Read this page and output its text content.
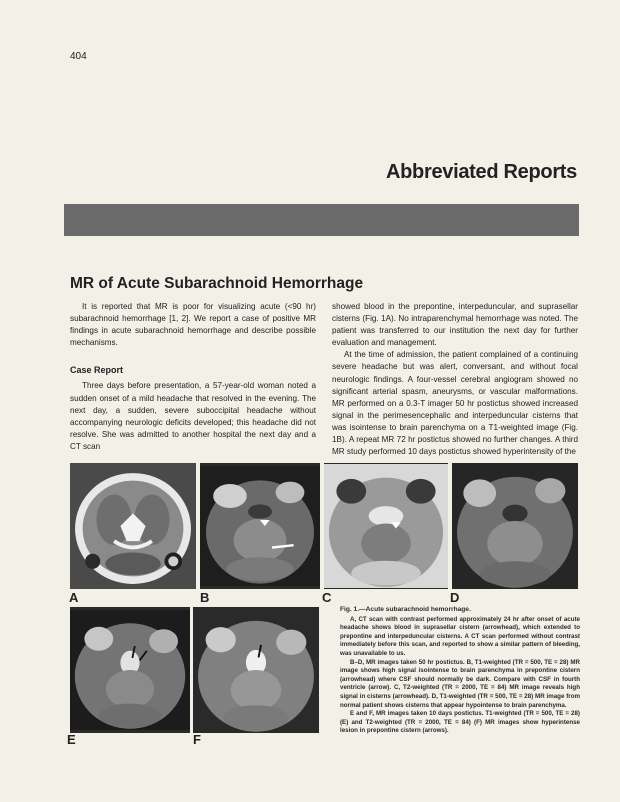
404
Abbreviated Reports
MR of Acute Subarachnoid Hemorrhage

It is reported that MR is poor for visualizing acute (<90 hr) subarachnoid hemorrhage [1, 2]. We report a case of positive MR findings in acute subarachnoid hemorrhage and describe possible mechanisms.

Case Report

Three days before presentation, a 57-year-old woman noted a sudden onset of a mild headache that resolved in the evening. The next day, a sudden, severe suboccipital headache without accompanying neurologic deficits developed; this headache did not resolve. She was admitted to another hospital the next day and a CT scan

showed blood in the prepontine, interpeduncular, and suprasellar cisterns (Fig. 1A). No intraparenchymal hemorrhage was noted. The patient was transferred to our institution the next day for further evaluation and management.

At the time of admission, the patient complained of a continuing severe headache but was alert, conversant, and without focal neurologic findings. A four-vessel cerebral angiogram showed no significant arterial spasm, aneurysms, or vascular malformations. MR performed on a 0.3-T imager 50 hr postictus showed increased signal in the perimesencephalic and interpeduncular cisterns that was isointense to brain parenchyma on a T1-weighted image (Fig. 1B). A repeat MR 72 hr postictus showed no further changes. A third MR study performed 10 days postictus showed hyperintensity of the

A	B	C	D
E	F

Fig. 1.—Acute subarachnoid hemorrhage.

A, CT scan with contrast performed approximately 24 hr after onset of acute headache shows blood in suprasellar cistern (arrowhead), which extended to prepontine and interpeduncular cisterns. A CT scan performed without contrast immediately before this scan, and reported to show a similar pattern of bleeding, was unavailable to us.

B–D, MR images taken 50 hr postictus. B, T1-weighted (TR = 500, TE = 28) MR image shows high signal isointense to brain parenchyma in prepontine cistern (arrowhead) where CSF should normally be dark. Compare with CSF in fourth ventricle (arrow). C, T2-weighted (TR = 2000, TE = 84) MR image reveals high signal in cisterns (arrowhead). D, T1-weighted (TR = 500, TE = 28) MR image from normal patient shows cisterns that appear hypointense to brain parenchyma.

E and F, MR images taken 10 days postictus. T1-weighted (TR = 500, TE = 28) (E) and T2-weighted (TR = 2000, TE = 84) (F) MR images show hyperintense lesion in prepontine cistern (arrows).
